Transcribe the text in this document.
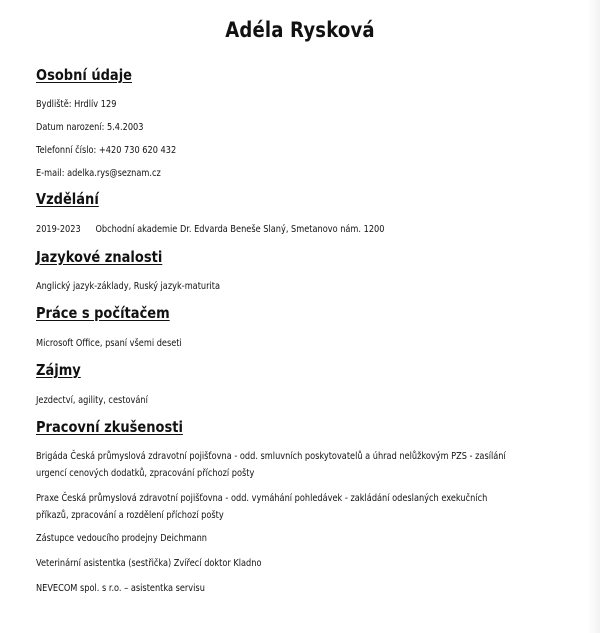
Adéla Rysková
Osobní údaje
Bydliště: Hrdlív 129
Datum narození: 5.4.2003
Telefonní číslo: +420 730 620 432
E-mail: adelka.rys@seznam.cz
Vzdělání
2019-2023 Obchodní akademie Dr. Edvarda Beneše Slaný, Smetanovo nám. 1200
Jazykové znalosti
Anglický jazyk-základy, Ruský jazyk-maturita
Práce s počítačem
Microsoft Office, psaní všemi deseti
Zájmy
Jezdectví, agility, cestování
Pracovní zkušenosti
Brigáda Česká průmyslová zdravotní pojišťovna - odd. smluvních poskytovatelů a úhrad nelůžkovým PZS - zasílání
urgencí cenových dodatků, zpracování příchozí pošty
Praxe Česká průmyslová zdravotní pojišťovna - odd. vymáhání pohledávek - zakládání odeslaných exekučních
příkazů, zpracování a rozdělení příchozí pošty
Zástupce vedoucího prodejny Deichmann
Veterinární asistentka (sestřička) Zvířecí doktor Kladno
NEVECOM spol. s r.o. – asistentka servisu
